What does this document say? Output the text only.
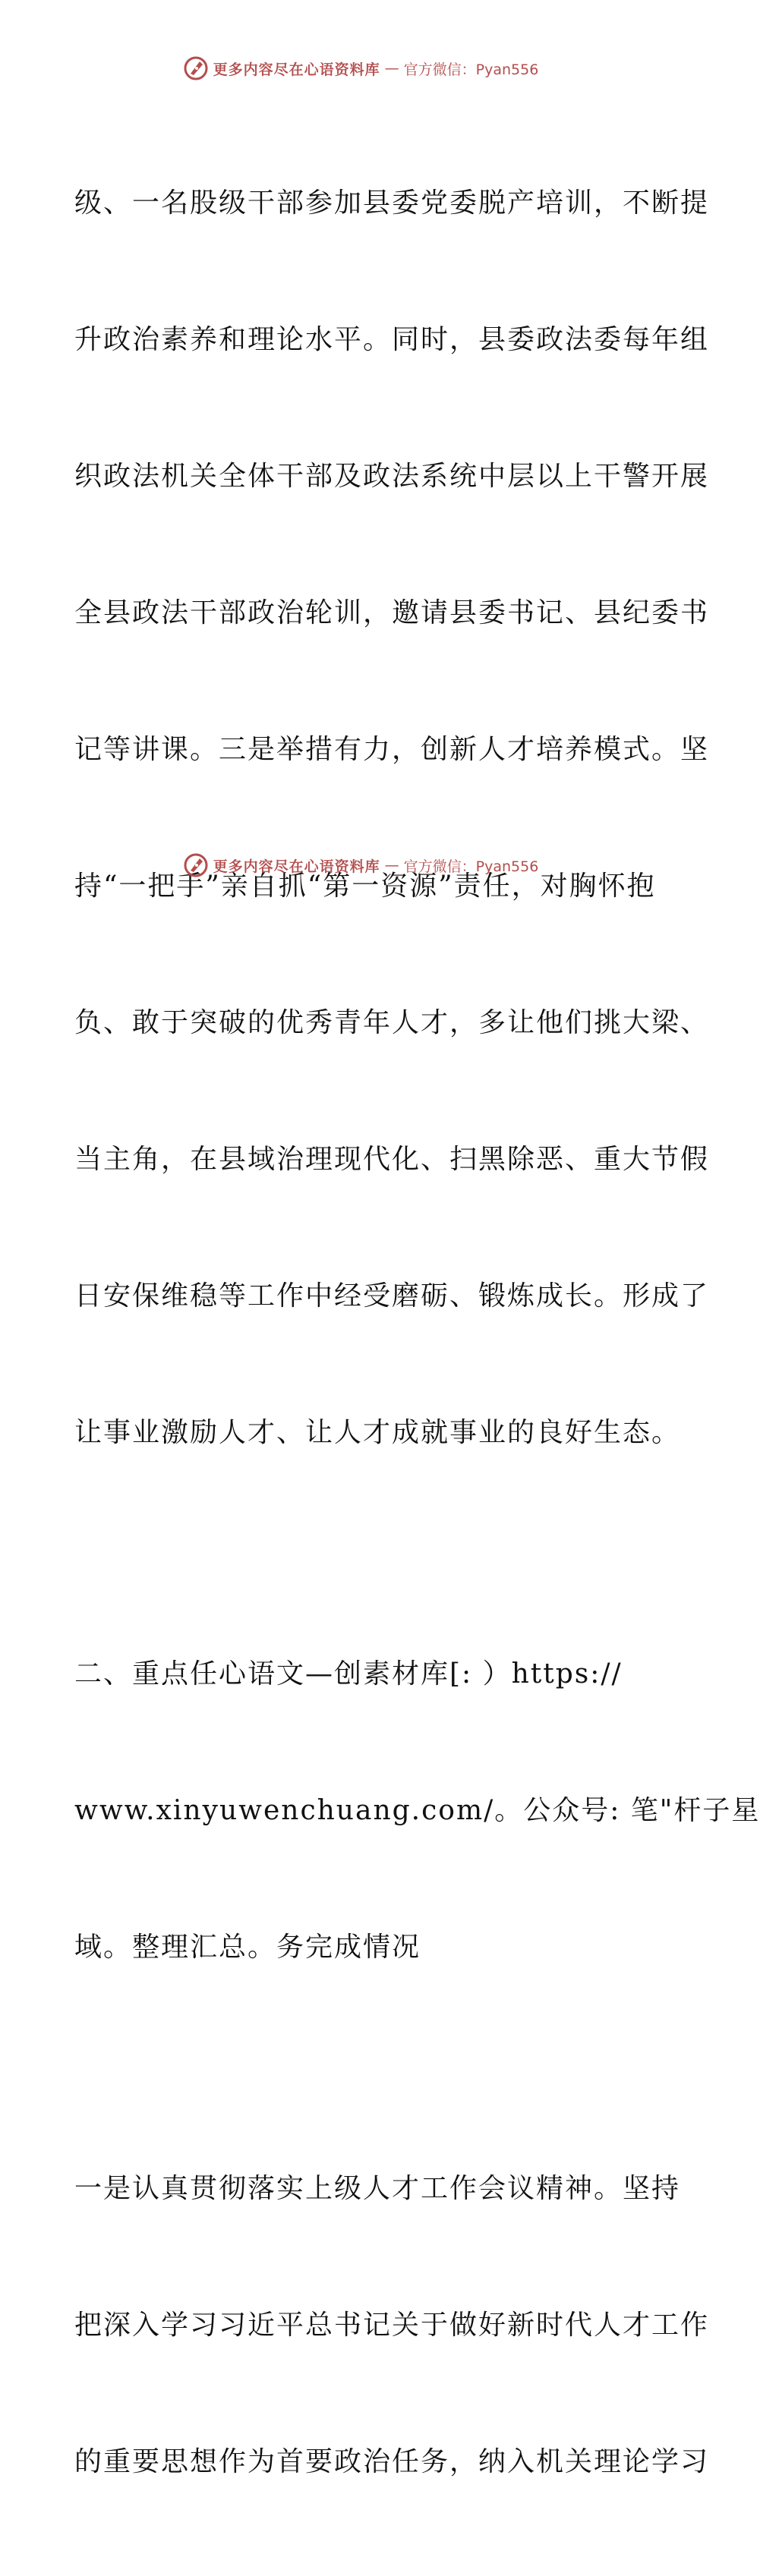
更多内容尽在心语资料库 — 官方微信：Pyan556

级、一名股级干部参加县委党委脱产培训，不断提

升政治素养和理论水平。同时，县委政法委每年组

织政法机关全体干部及政法系统中层以上干警开展

全县政法干部政治轮训，邀请县委书记、县纪委书

记等讲课。三是举措有力，创新人才培养模式。坚

持“一把手”亲自抓“第一资源”责任，对胸怀抱

负、敢于突破的优秀青年人才，多让他们挑大梁、

当主角，在县域治理现代化、扫黑除恶、重大节假

日安保维稳等工作中经受磨砺、锻炼成长。形成了

让事业激励人才、让人才成就事业的良好生态。

二、重点任心语文—创素材库[: ）https://

www.xinyuwenchuang.com/。公众号: 笔"杆子星

域。整理汇总。务完成情况

一是认真贯彻落实上级人才工作会议精神。坚持

把深入学习习近平总书记关于做好新时代人才工作

的重要思想作为首要政治任务，纳入机关理论学习

更多内容尽在心语资料库 — 官方微信：Pyan556
